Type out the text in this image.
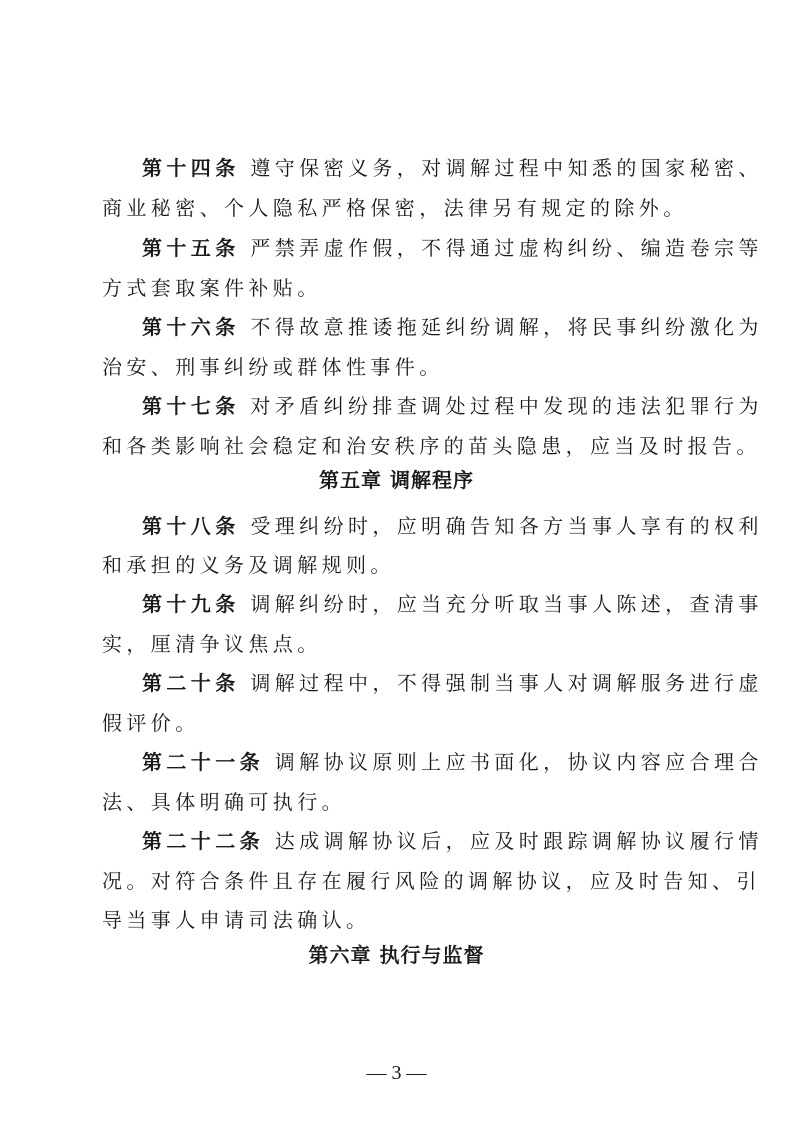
第十四条 遵守保密义务，对调解过程中知悉的国家秘密、
商业秘密、个人隐私严格保密，法律另有规定的除外。
第十五条 严禁弄虚作假，不得通过虚构纠纷、编造卷宗等
方式套取案件补贴。
第十六条 不得故意推诿拖延纠纷调解，将民事纠纷激化为
治安、刑事纠纷或群体性事件。
第十七条 对矛盾纠纷排查调处过程中发现的违法犯罪行为
和各类影响社会稳定和治安秩序的苗头隐患，应当及时报告。
第五章 调解程序
第十八条 受理纠纷时，应明确告知各方当事人享有的权利
和承担的义务及调解规则。
第十九条 调解纠纷时，应当充分听取当事人陈述，查清事
实，厘清争议焦点。
第二十条 调解过程中，不得强制当事人对调解服务进行虚
假评价。
第二十一条 调解协议原则上应书面化，协议内容应合理合
法、具体明确可执行。
第二十二条 达成调解协议后，应及时跟踪调解协议履行情
况。对符合条件且存在履行风险的调解协议，应及时告知、引
导当事人申请司法确认。
第六章 执行与监督
— 3 —
